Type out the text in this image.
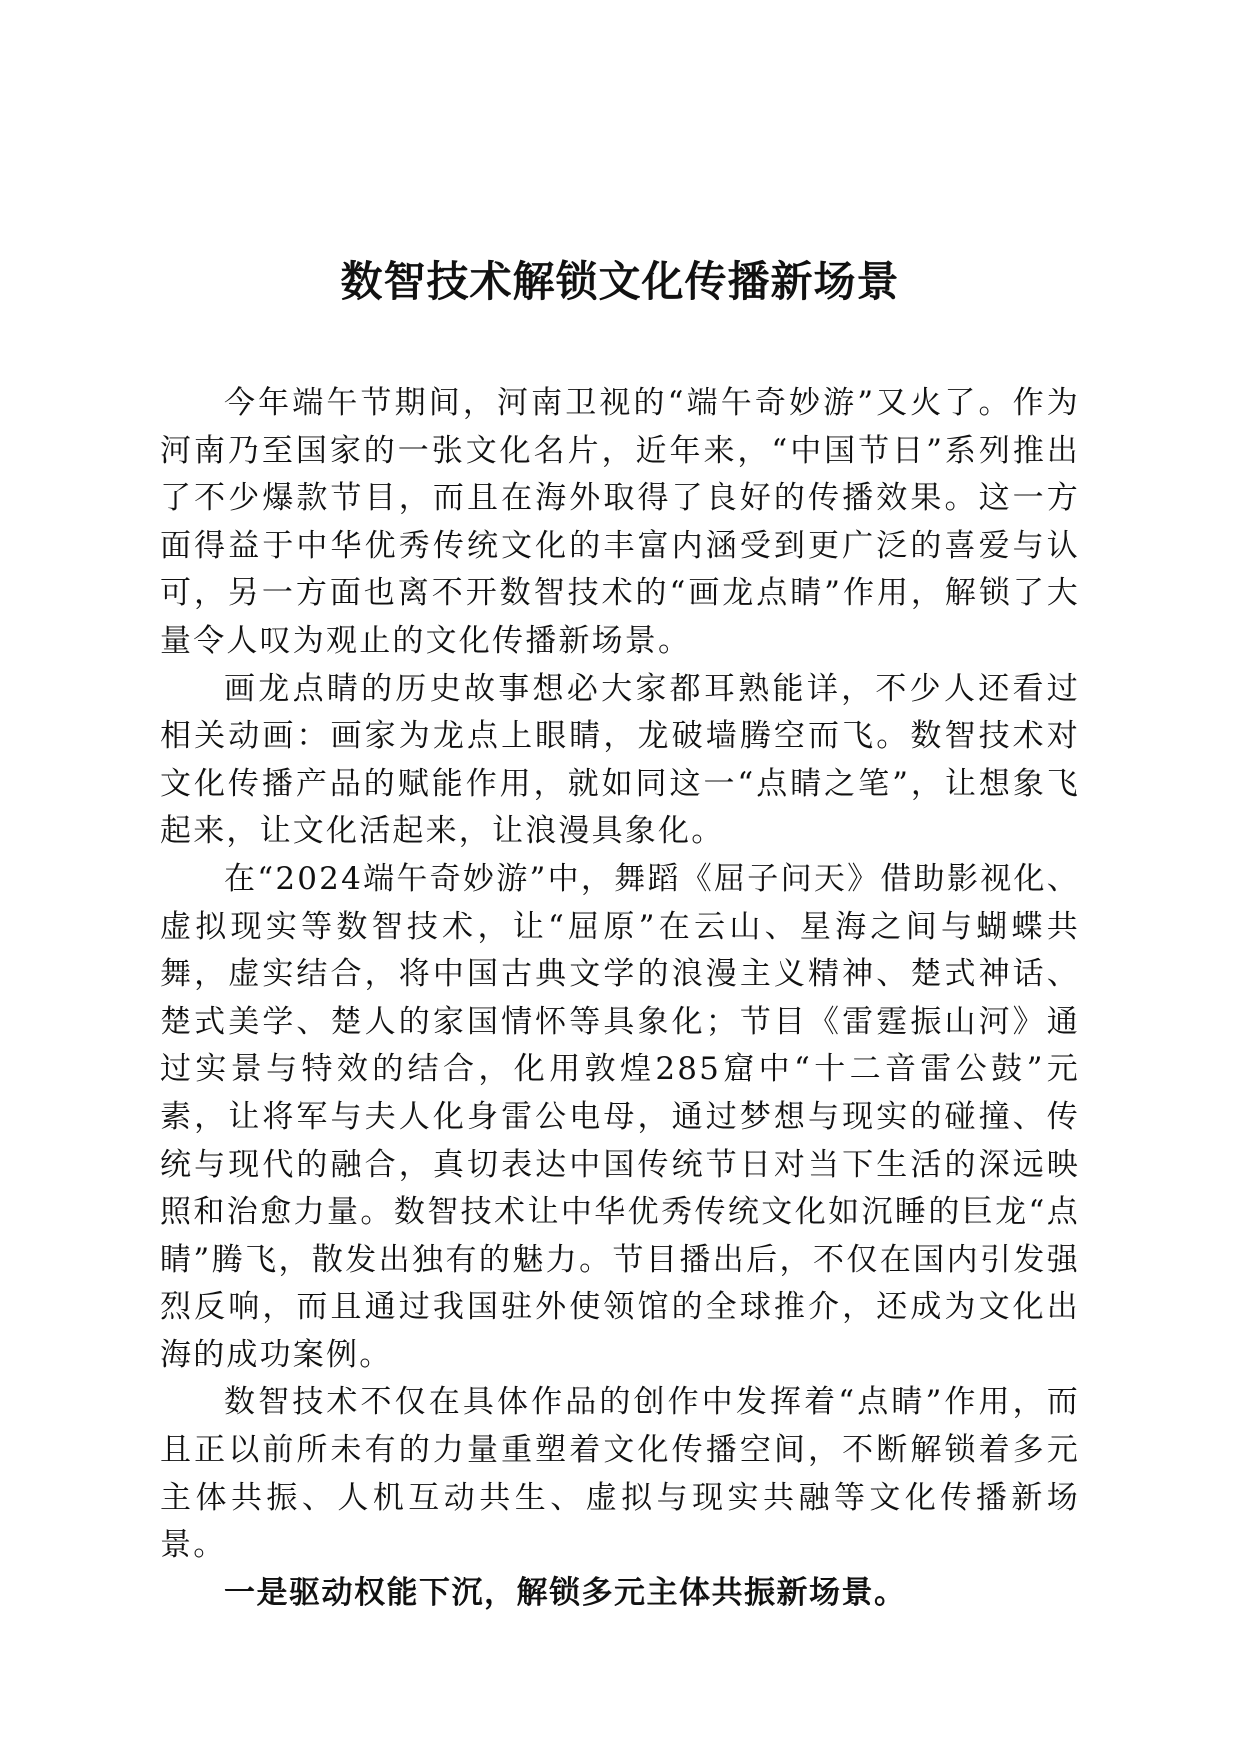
数智技术解锁文化传播新场景

今年端午节期间，河南卫视的“端午奇妙游”又火了。作为河南乃至国家的一张文化名片，近年来，“中国节日”系列推出了不少爆款节目，而且在海外取得了良好的传播效果。这一方面得益于中华优秀传统文化的丰富内涵受到更广泛的喜爱与认可，另一方面也离不开数智技术的“画龙点睛”作用，解锁了大量令人叹为观止的文化传播新场景。

画龙点睛的历史故事想必大家都耳熟能详，不少人还看过相关动画：画家为龙点上眼睛，龙破墙腾空而飞。数智技术对文化传播产品的赋能作用，就如同这一“点睛之笔”，让想象飞起来，让文化活起来，让浪漫具象化。

在“2024端午奇妙游”中，舞蹈《屈子问天》借助影视化、虚拟现实等数智技术，让“屈原”在云山、星海之间与蝴蝶共舞，虚实结合，将中国古典文学的浪漫主义精神、楚式神话、楚式美学、楚人的家国情怀等具象化；节目《雷霆振山河》通过实景与特效的结合，化用敦煌285窟中“十二音雷公鼓”元素，让将军与夫人化身雷公电母，通过梦想与现实的碰撞、传统与现代的融合，真切表达中国传统节日对当下生活的深远映照和治愈力量。数智技术让中华优秀传统文化如沉睡的巨龙“点睛”腾飞，散发出独有的魅力。节目播出后，不仅在国内引发强烈反响，而且通过我国驻外使领馆的全球推介，还成为文化出海的成功案例。

数智技术不仅在具体作品的创作中发挥着“点睛”作用，而且正以前所未有的力量重塑着文化传播空间，不断解锁着多元主体共振、人机互动共生、虚拟与现实共融等文化传播新场景。

一是驱动权能下沉，解锁多元主体共振新场景。
